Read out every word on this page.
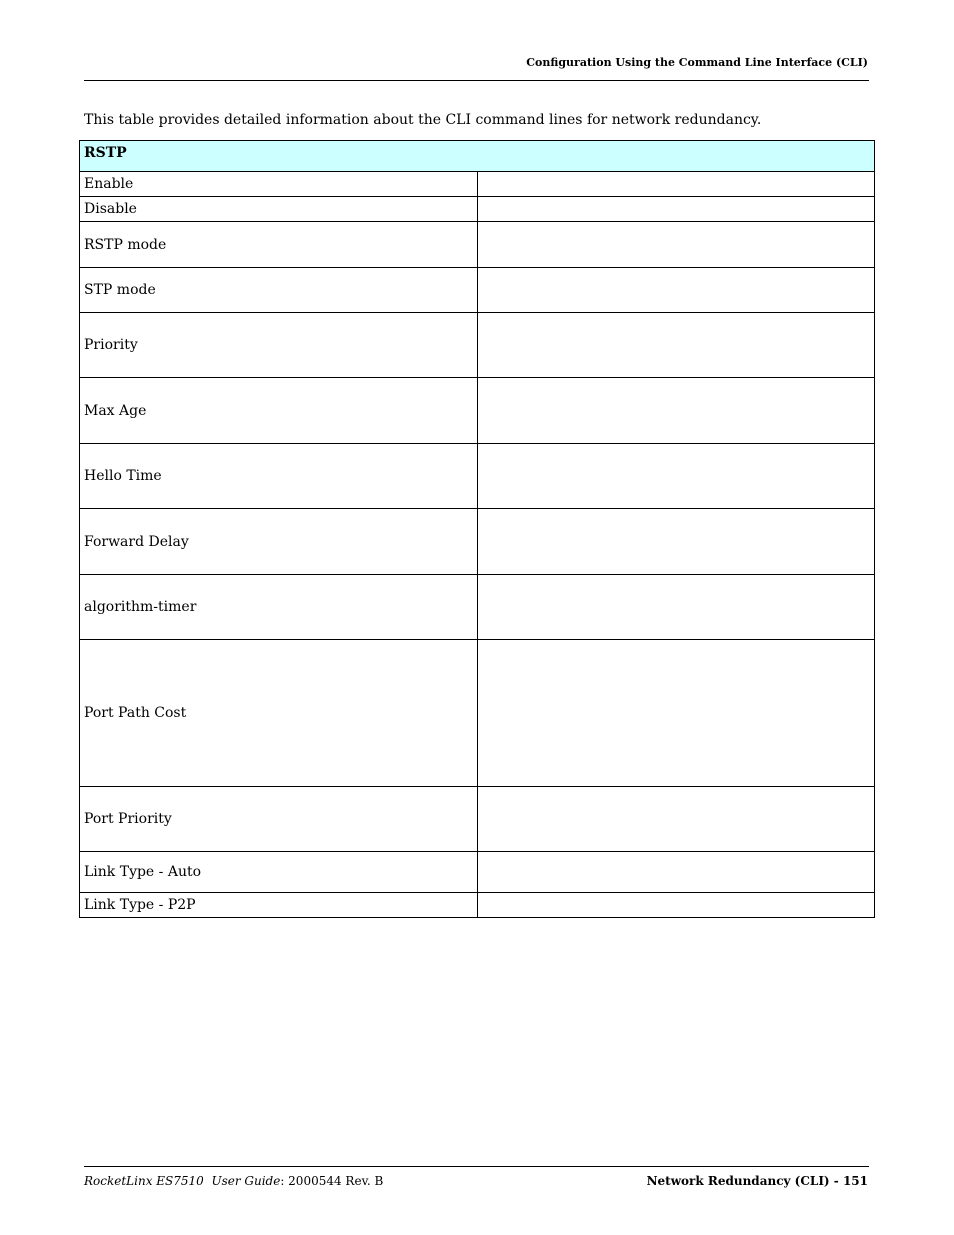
Configuration Using the Command Line Interface (CLI)
This table provides detailed information about the CLI command lines for network redundancy.
RSTP	
Enable	
Disable	
RSTP mode	
STP mode	
Priority	
Max Age	
Hello Time	
Forward Delay	
algorithm-timer	
Port Path Cost	
Port Priority	
Link Type - Auto	
Link Type - P2P	
RocketLinx ES7510 User Guide: 2000544 Rev. B	Network Redundancy (CLI) - 151
